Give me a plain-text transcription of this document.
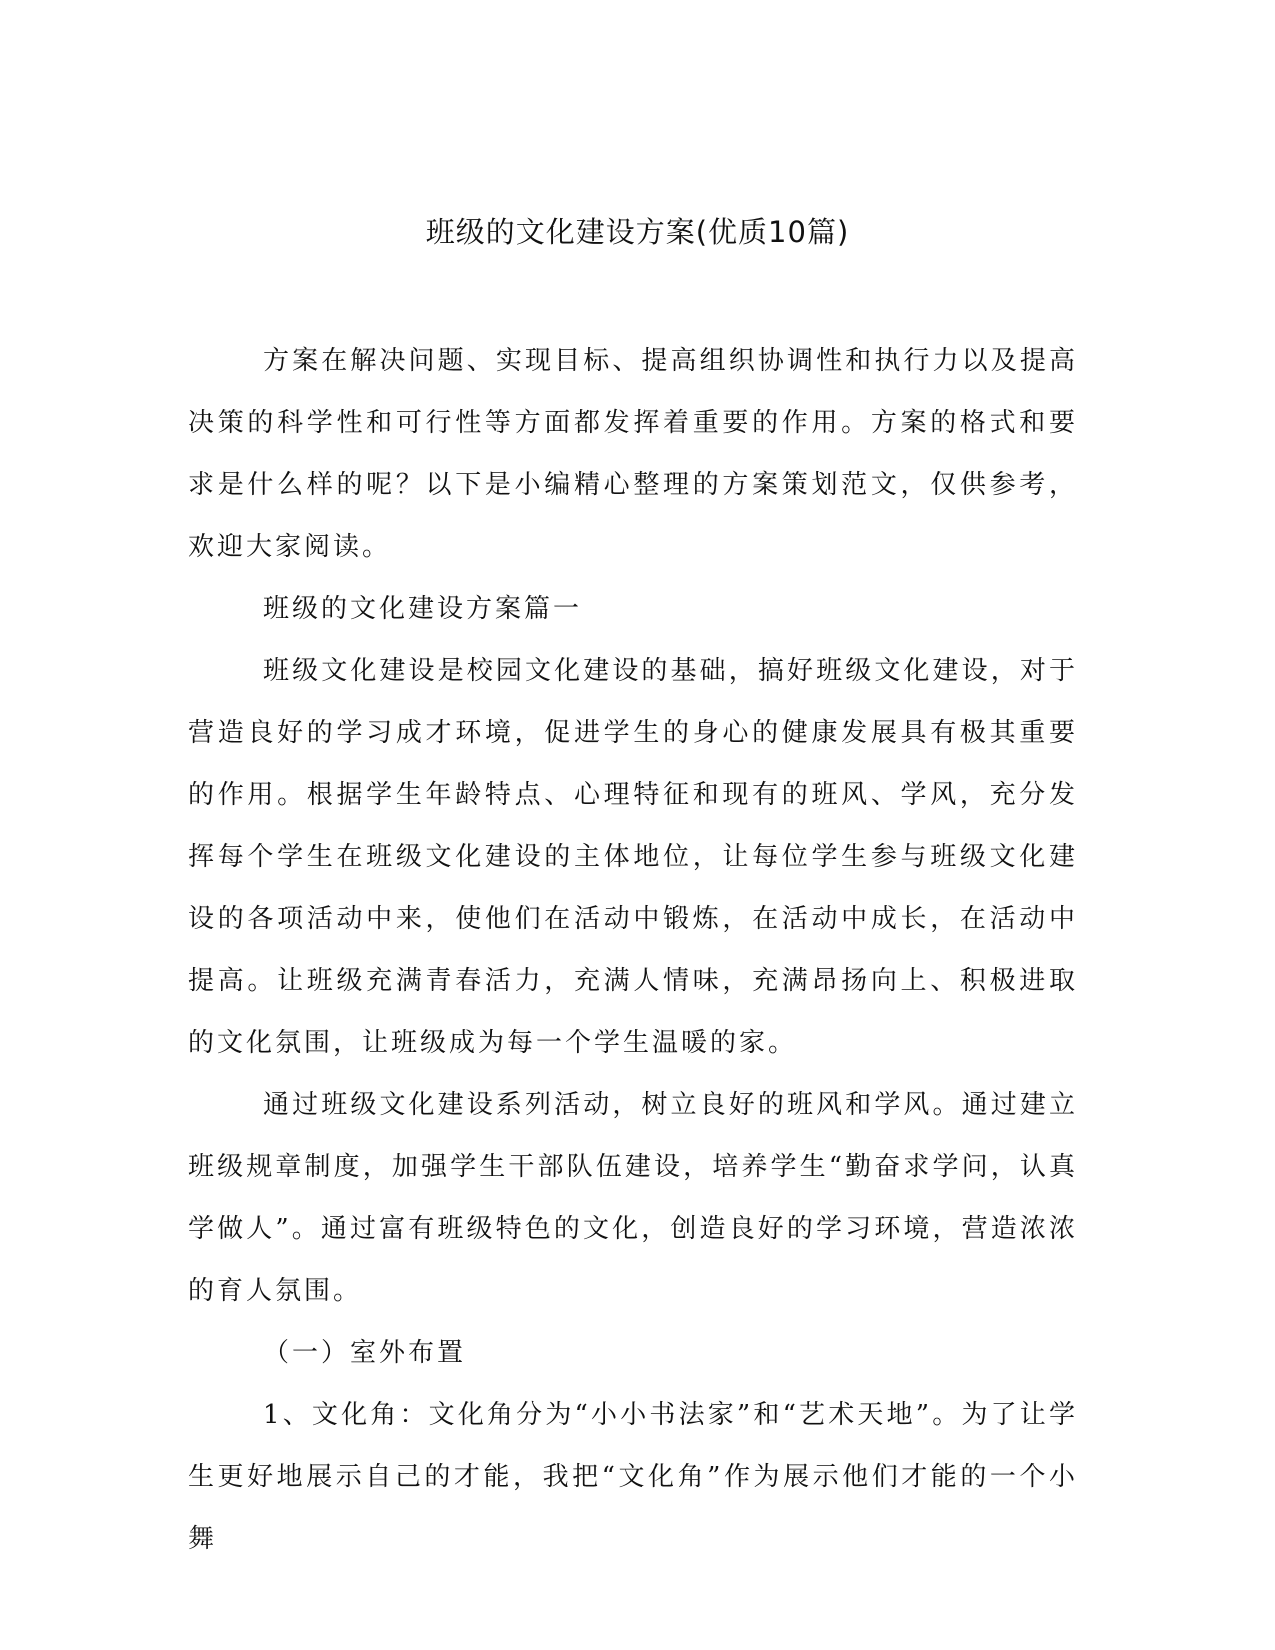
班级的文化建设方案(优质10篇)

方案在解决问题、实现目标、提高组织协调性和执行力以及提高决策的科学性和可行性等方面都发挥着重要的作用。方案的格式和要求是什么样的呢？以下是小编精心整理的方案策划范文，仅供参考，欢迎大家阅读。

班级的文化建设方案篇一

班级文化建设是校园文化建设的基础，搞好班级文化建设，对于营造良好的学习成才环境，促进学生的身心的健康发展具有极其重要的作用。根据学生年龄特点、心理特征和现有的班风、学风，充分发挥每个学生在班级文化建设的主体地位，让每位学生参与班级文化建设的各项活动中来，使他们在活动中锻炼，在活动中成长，在活动中提高。让班级充满青春活力，充满人情味，充满昂扬向上、积极进取的文化氛围，让班级成为每一个学生温暖的家。

通过班级文化建设系列活动，树立良好的班风和学风。通过建立班级规章制度，加强学生干部队伍建设，培养学生“勤奋求学问，认真学做人”。通过富有班级特色的文化，创造良好的学习环境，营造浓浓的育人氛围。

（一）室外布置

1、文化角：文化角分为“小小书法家”和“艺术天地”。为了让学生更好地展示自己的才能，我把“文化角”作为展示他们才能的一个小舞
